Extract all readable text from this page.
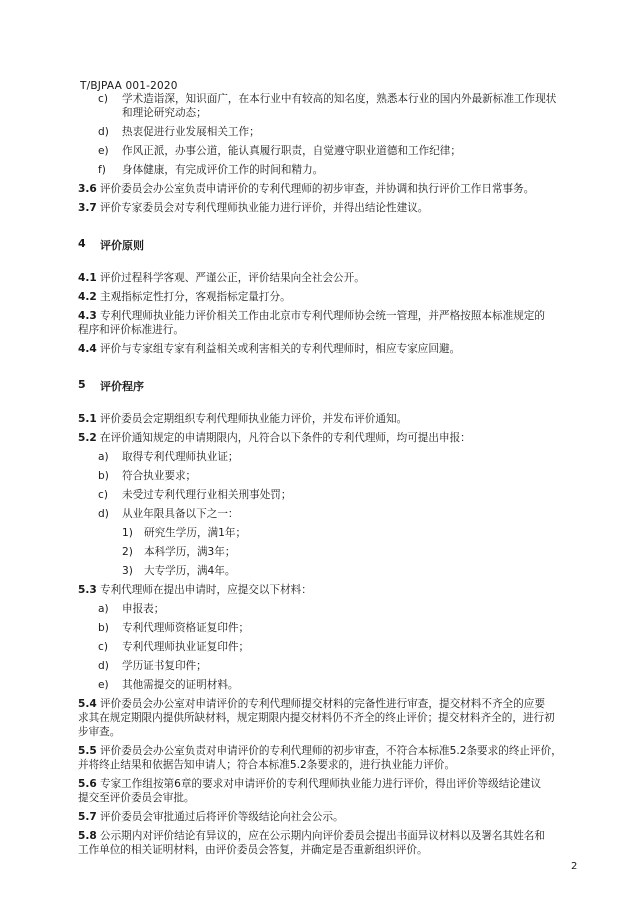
T/BJPAA 001-2020
c)	学术造诣深，知识面广，在本行业中有较高的知名度，熟悉本行业的国内外最新标准工作现状
和理论研究动态；
d)	热衷促进行业发展相关工作；
e)	作风正派，办事公道，能认真履行职责，自觉遵守职业道德和工作纪律；
f)	身体健康，有完成评价工作的时间和精力。
3.6 评价委员会办公室负责申请评价的专利代理师的初步审查，并协调和执行评价工作日常事务。
3.7 评价专家委员会对专利代理师执业能力进行评价，并得出结论性建议。
4	评价原则
4.1 评价过程科学客观、严谨公正，评价结果向全社会公开。
4.2 主观指标定性打分，客观指标定量打分。
4.3 专利代理师执业能力评价相关工作由北京市专利代理师协会统一管理，并严格按照本标准规定的
程序和评价标准进行。
4.4 评价与专家组专家有利益相关或利害相关的专利代理师时，相应专家应回避。
5	评价程序
5.1 评价委员会定期组织专利代理师执业能力评价，并发布评价通知。
5.2 在评价通知规定的申请期限内，凡符合以下条件的专利代理师，均可提出申报：
a)	取得专利代理师执业证；
b)	符合执业要求；
c)	未受过专利代理行业相关刑事处罚；
d)	从业年限具备以下之一：
1)	研究生学历，满1年；
2)	本科学历，满3年；
3)	大专学历，满4年。
5.3 专利代理师在提出申请时，应提交以下材料：
a)	申报表；
b)	专利代理师资格证复印件；
c)	专利代理师执业证复印件；
d)	学历证书复印件；
e)	其他需提交的证明材料。
5.4 评价委员会办公室对申请评价的专利代理师提交材料的完备性进行审查，提交材料不齐全的应要
求其在规定期限内提供所缺材料，规定期限内提交材料仍不齐全的终止评价；提交材料齐全的，进行初
步审查。
5.5 评价委员会办公室负责对申请评价的专利代理师的初步审查，不符合本标准5.2条要求的终止评价，
并将终止结果和依据告知申请人；符合本标准5.2条要求的，进行执业能力评价。
5.6 专家工作组按第6章的要求对申请评价的专利代理师执业能力进行评价，得出评价等级结论建议
提交至评价委员会审批。
5.7 评价委员会审批通过后将评价等级结论向社会公示。
5.8 公示期内对评价结论有异议的，应在公示期内向评价委员会提出书面异议材料以及署名其姓名和
工作单位的相关证明材料，由评价委员会答复，并确定是否重新组织评价。
2
